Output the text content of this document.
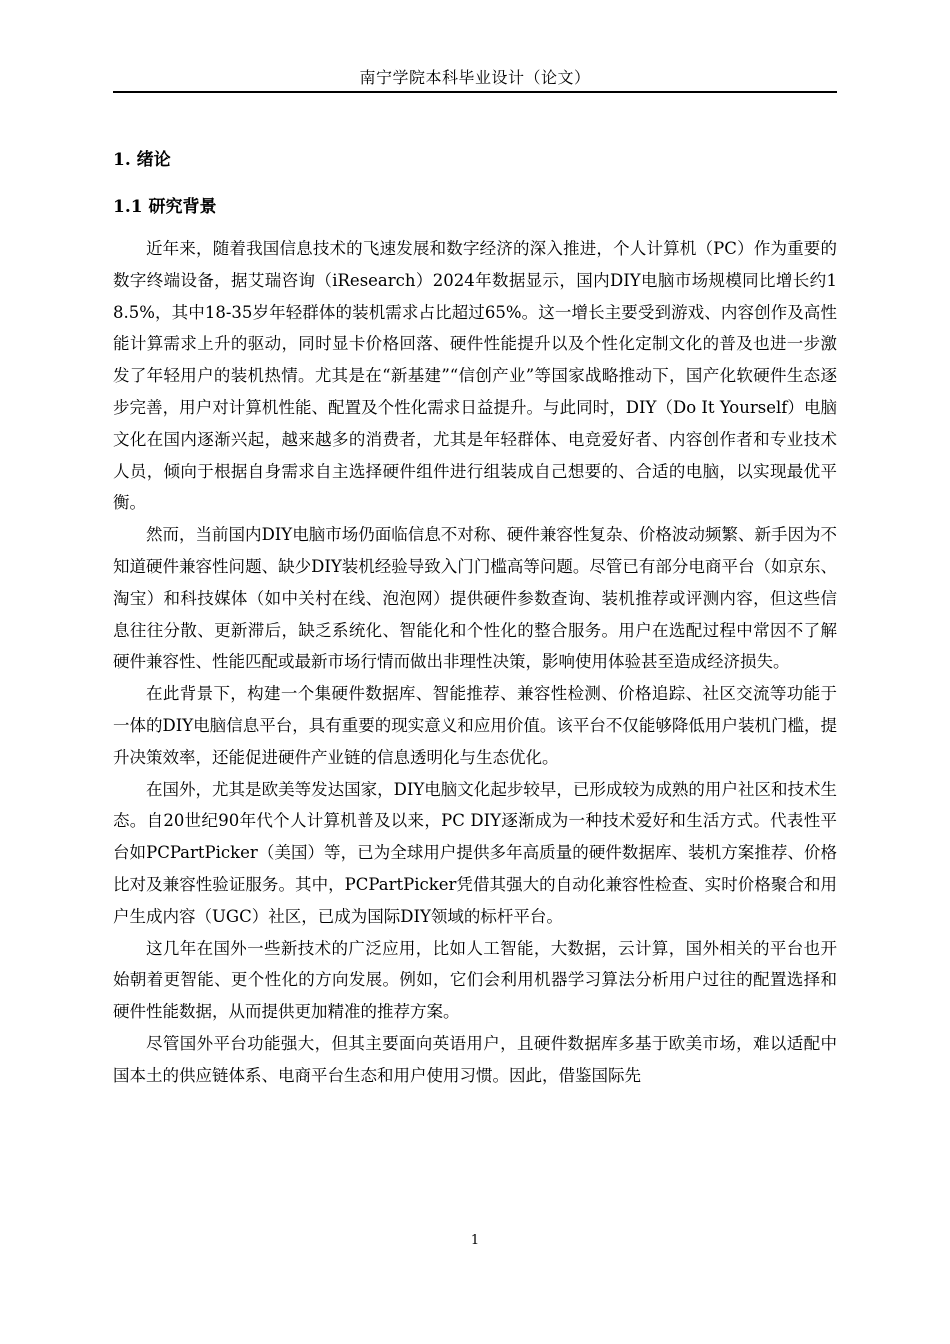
南宁学院本科毕业设计（论文）
1. 绪论
1.1 研究背景

近年来，随着我国信息技术的飞速发展和数字经济的深入推进，个人计算机（PC）作为重要的数字终端设备，据艾瑞咨询（iResearch）2024年数据显示，国内DIY电脑市场规模同比增长约18.5%，其中18-35岁年轻群体的装机需求占比超过65%。这一增长主要受到游戏、内容创作及高性能计算需求上升的驱动，同时显卡价格回落、硬件性能提升以及个性化定制文化的普及也进一步激发了年轻用户的装机热情。尤其是在“新基建”“信创产业”等国家战略推动下，国产化软硬件生态逐步完善，用户对计算机性能、配置及个性化需求日益提升。与此同时，DIY（Do It Yourself）电脑文化在国内逐渐兴起，越来越多的消费者，尤其是年轻群体、电竞爱好者、内容创作者和专业技术人员，倾向于根据自身需求自主选择硬件组件进行组装成自己想要的、合适的电脑，以实现最优平衡。

然而，当前国内DIY电脑市场仍面临信息不对称、硬件兼容性复杂、价格波动频繁、新手因为不知道硬件兼容性问题、缺少DIY装机经验导致入门门槛高等问题。尽管已有部分电商平台（如京东、淘宝）和科技媒体（如中关村在线、泡泡网）提供硬件参数查询、装机推荐或评测内容，但这些信息往往分散、更新滞后，缺乏系统化、智能化和个性化的整合服务。用户在选配过程中常因不了解硬件兼容性、性能匹配或最新市场行情而做出非理性决策，影响使用体验甚至造成经济损失。

在此背景下，构建一个集硬件数据库、智能推荐、兼容性检测、价格追踪、社区交流等功能于一体的DIY电脑信息平台，具有重要的现实意义和应用价值。该平台不仅能够降低用户装机门槛，提升决策效率，还能促进硬件产业链的信息透明化与生态优化。

在国外，尤其是欧美等发达国家，DIY电脑文化起步较早，已形成较为成熟的用户社区和技术生态。自20世纪90年代个人计算机普及以来，PC DIY逐渐成为一种技术爱好和生活方式。代表性平台如PCPartPicker（美国）等，已为全球用户提供多年高质量的硬件数据库、装机方案推荐、价格比对及兼容性验证服务。其中，PCPartPicker凭借其强大的自动化兼容性检查、实时价格聚合和用户生成内容（UGC）社区，已成为国际DIY领域的标杆平台。

这几年在国外一些新技术的广泛应用，比如人工智能，大数据，云计算，国外相关的平台也开始朝着更智能、更个性化的方向发展。例如，它们会利用机器学习算法分析用户过往的配置选择和硬件性能数据，从而提供更加精准的推荐方案。

尽管国外平台功能强大，但其主要面向英语用户，且硬件数据库多基于欧美市场，难以适配中国本土的供应链体系、电商平台生态和用户使用习惯。因此，借鉴国际先

1
